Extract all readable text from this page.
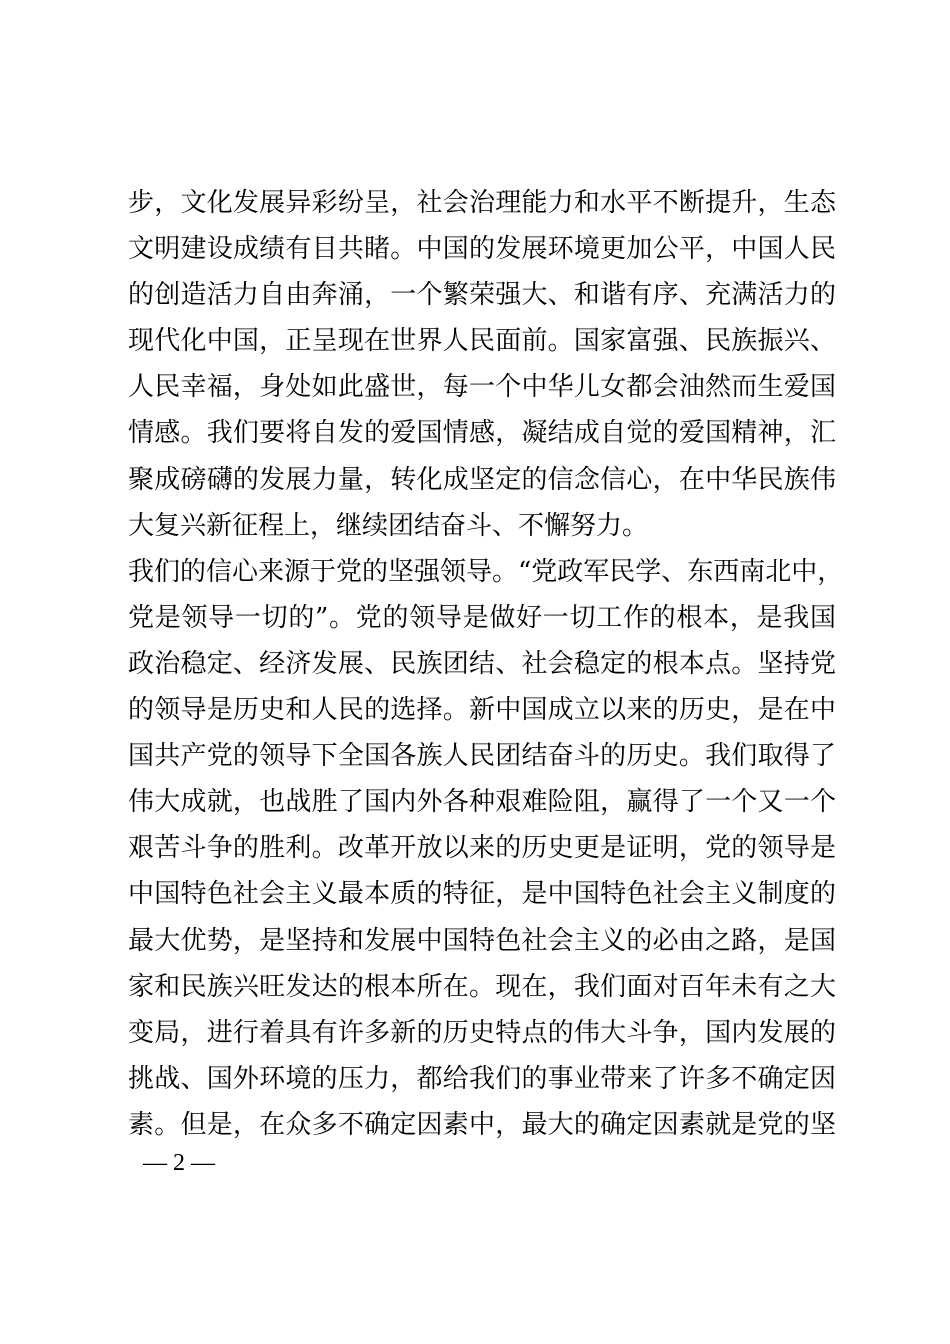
步，文化发展异彩纷呈，社会治理能力和水平不断提升，生态
文明建设成绩有目共睹。中国的发展环境更加公平，中国人民
的创造活力自由奔涌，一个繁荣强大、和谐有序、充满活力的
现代化中国，正呈现在世界人民面前。国家富强、民族振兴、
人民幸福，身处如此盛世，每一个中华儿女都会油然而生爱国
情感。我们要将自发的爱国情感，凝结成自觉的爱国精神，汇
聚成磅礴的发展力量，转化成坚定的信念信心，在中华民族伟
大复兴新征程上，继续团结奋斗、不懈努力。
我们的信心来源于党的坚强领导。“党政军民学、东西南北中，
党是领导一切的”。党的领导是做好一切工作的根本，是我国
政治稳定、经济发展、民族团结、社会稳定的根本点。坚持党
的领导是历史和人民的选择。新中国成立以来的历史，是在中
国共产党的领导下全国各族人民团结奋斗的历史。我们取得了
伟大成就，也战胜了国内外各种艰难险阻，赢得了一个又一个
艰苦斗争的胜利。改革开放以来的历史更是证明，党的领导是
中国特色社会主义最本质的特征，是中国特色社会主义制度的
最大优势，是坚持和发展中国特色社会主义的必由之路，是国
家和民族兴旺发达的根本所在。现在，我们面对百年未有之大
变局，进行着具有许多新的历史特点的伟大斗争，国内发展的
挑战、国外环境的压力，都给我们的事业带来了许多不确定因
素。但是，在众多不确定因素中，最大的确定因素就是党的坚
— 2 —
